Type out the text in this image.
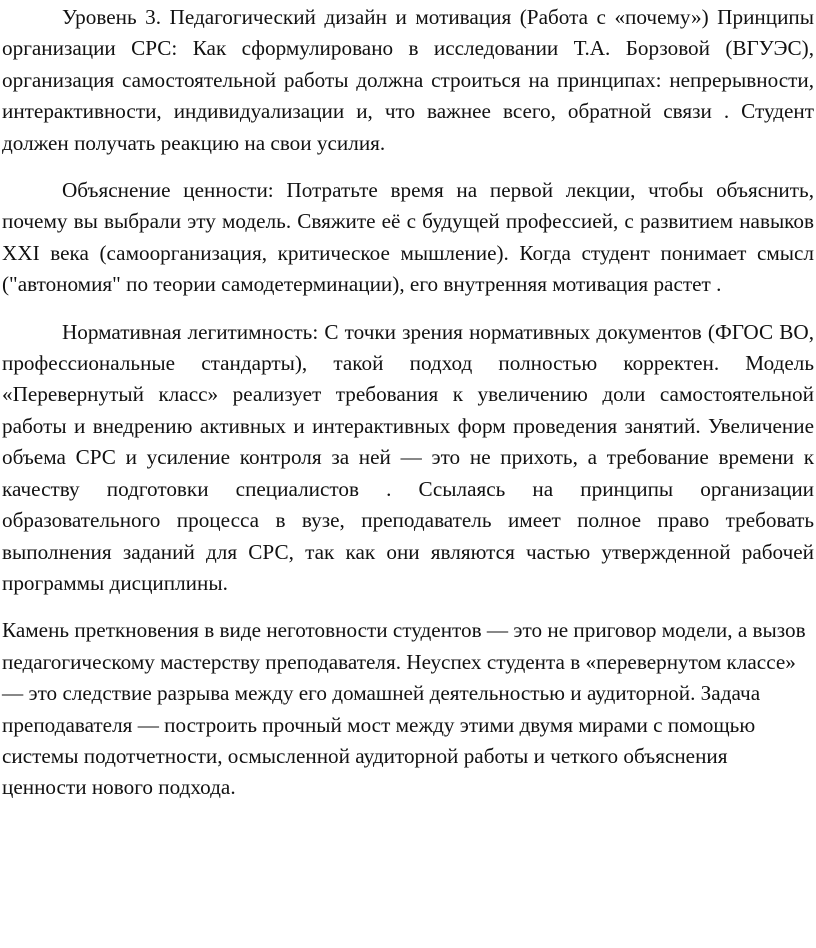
Уровень 3. Педагогический дизайн и мотивация (Работа с «почему») Принципы организации СРС: Как сформулировано в исследовании Т.А. Борзовой (ВГУЭС), организация самостоятельной работы должна строиться на принципах: непрерывности, интерактивности, индивидуализации и, что важнее всего, обратной связи . Студент должен получать реакцию на свои усилия.

Объяснение ценности: Потратьте время на первой лекции, чтобы объяснить, почему вы выбрали эту модель. Свяжите её с будущей профессией, с развитием навыков XXI века (самоорганизация, критическое мышление). Когда студент понимает смысл ("автономия" по теории самодетерминации), его внутренняя мотивация растет .

Нормативная легитимность: С точки зрения нормативных документов (ФГОС ВО, профессиональные стандарты), такой подход полностью корректен. Модель «Перевернутый класс» реализует требования к увеличению доли самостоятельной работы и внедрению активных и интерактивных форм проведения занятий. Увеличение объема СРС и усиление контроля за ней — это не прихоть, а требование времени к качеству подготовки специалистов . Ссылаясь на принципы организации образовательного процесса в вузе, преподаватель имеет полное право требовать выполнения заданий для СРС, так как они являются частью утвержденной рабочей программы дисциплины.

Камень преткновения в виде неготовности студентов — это не приговор модели, а вызов педагогическому мастерству преподавателя. Неуспех студента в «перевернутом классе» — это следствие разрыва между его домашней деятельностью и аудиторной. Задача преподавателя — построить прочный мост между этими двумя мирами с помощью системы подотчетности, осмысленной аудиторной работы и четкого объяснения ценности нового подхода.
